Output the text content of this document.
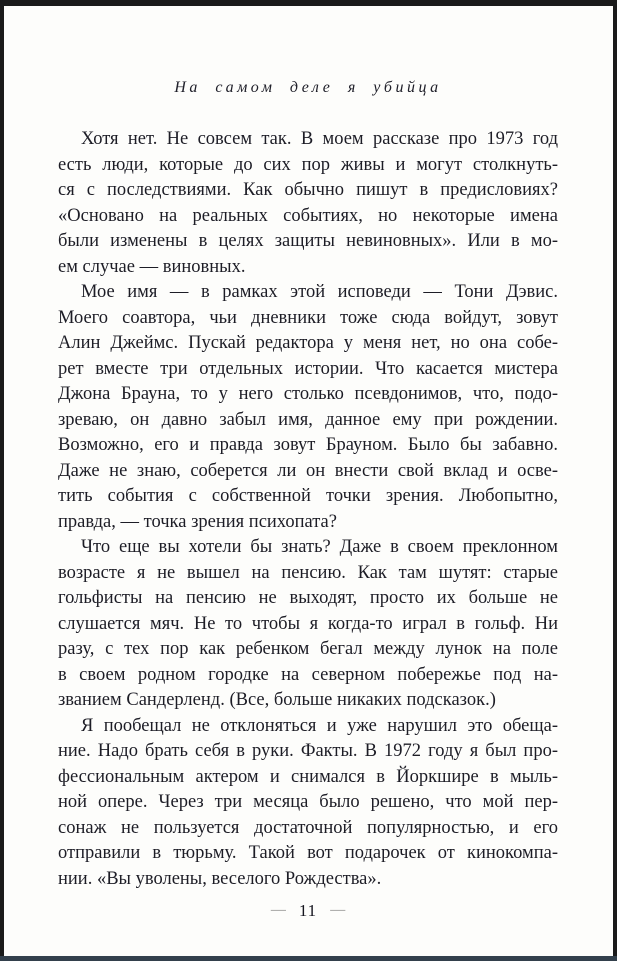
На самом деле я убийца

Хотя нет. Не совсем так. В моем рассказе про 1973 год
есть люди, которые до сих пор живы и могут столкнуть-
ся с последствиями. Как обычно пишут в предисловиях?
«Основано на реальных событиях, но некоторые имена
были изменены в целях защиты невиновных». Или в мо-
ем случае — виновных.

Мое имя — в рамках этой исповеди — Тони Дэвис.
Моего соавтора, чьи дневники тоже сюда войдут, зовут
Алин Джеймс. Пускай редактора у меня нет, но она собе-
рет вместе три отдельных истории. Что касается мистера
Джона Брауна, то у него столько псевдонимов, что, подо-
зреваю, он давно забыл имя, данное ему при рождении.
Возможно, его и правда зовут Брауном. Было бы забавно.
Даже не знаю, соберется ли он внести свой вклад и осве-
тить события с собственной точки зрения. Любопытно,
правда, — точка зрения психопата?

Что еще вы хотели бы знать? Даже в своем преклонном
возрасте я не вышел на пенсию. Как там шутят: старые
гольфисты на пенсию не выходят, просто их больше не
слушается мяч. Не то чтобы я когда-то играл в гольф. Ни
разу, с тех пор как ребенком бегал между лунок на поле
в своем родном городке на северном побережье под на-
званием Сандерленд. (Все, больше никаких подсказок.)

Я пообещал не отклоняться и уже нарушил это обеща-
ние. Надо брать себя в руки. Факты. В 1972 году я был про-
фессиональным актером и снимался в Йоркшире в мыль-
ной опере. Через три месяца было решено, что мой пер-
сонаж не пользуется достаточной популярностью, и его
отправили в тюрьму. Такой вот подарочек от кинокомпа-
нии. «Вы уволены, веселого Рождества».

— 11 —
